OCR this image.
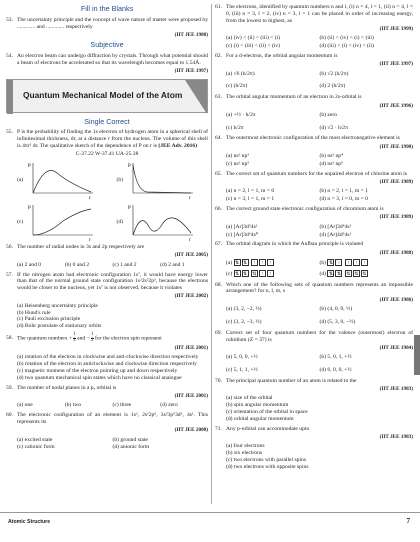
Fill in the Blanks
53. The uncertainty principle and the concept of wave nature of matter were proposed by ............. and ............. respectively
(IIT JEE 1988)
Subjective
54. An electron beam can undergo diffraction by crystals. Through what potential should a beam of electrons be accelerated so that its wavelength becomes equal to 1.54Å.
(IIT JEE 1997)
Quantum Mechanical Model of the Atom
Single Correct
55. P is the probability of finding the 1s electron of hydrogen atom in a spherical shell of infinitesimal thickness, dr, at a distance r from the nucleus. The volume of this shell is 4πr² dr. The qualitative sketch of the dependence of P on r is (JEE Adv. 2016)
C-37.22 W-37.41 UA-25.38
(a)
P
r
(b)
P
r
(c)
P
r
(d)
P
r
56. The number of radial nodes in 3s and 2p respectively are
(IIT JEE 2005)
(a) 2 and 0	(b) 0 and 2	(c) 1 and 2	(d) 2 and 1
57. If the nitrogen atom had electronic configuration 1s⁷, it would have energy lower than that of the normal ground state configuration 1s²2s²2p³, because the electrons would be closer to the nucleus, yet 1s⁷ is not observed, because it violates
(IIT JEE 2002)
(a) Heisenberg uncertainty principle
(b) Hund's rule
(c) Pauli exclusion principle
(d) Bohr postulate of stationary orbits
58. The quantum numbers + $\frac{1}{2}$ and − $\frac{1}{2}$ for the electron spin represent
(IIT JEE 2001)
(a) rotation of the electron in clockwise and anti-clockwise direction respectively
(b) rotation of the electron in anticlockwise and clockwise direction respectively
(c) magnetic moment of the electron pointing up and down respectively
(d) two quantum mechanical spin states which have no classical analogue
59. The number of nodal planes in a pₓ orbital is
(IIT JEE 2001)
(a) one	(b) two	(c) three	(d) zero
60. The electronic configuration of an element is 1s², 2s²2p⁶, 3s²3p⁶3d⁵, 4s¹. This represents its
(IIT JEE 2000)
(a) excited state	(b) ground state
(c) cationic form	(d) anionic form
61. The electrons, identified by quantum numbers n and l, (i) n = 4, l = 1, (ii) n = 4, l = 0, (iii) n = 3, l = 2, (iv) n = 3, l = 1 can be placed in order of increasing energy, from the lowest to highest, as
(IIT JEE 1999)
(a) (iv) < (ii) < (iii) < (i)	(b) (ii) < (iv) < (i) < (iii)
(c) (i) < (iii) < (ii) < (iv)	(d) (iii) < (i) < (iv) < (ii)
62. For a d-electron, the orbital angular momentum is
(IIT JEE 1997)
(a) √6 (h/2π)	(b) √2 (h/2π)
(c) (h/2π)	(d) 2 (h/2π)
63. The orbital angular momentum of an electron in 2s-orbital is
(IIT JEE 1996)
(a) +½ · h/2π	(b) zero
(c) h/2π	(d) √2 · h/2π
64. The outermost electronic configuration of the most electronegative element is
(IIT JEE 1990)
(a) ns² np³	(b) ns² np⁴
(c) ns² np⁵	(d) ns² np⁶
65. The correct set of quantum numbers for the unpaired electron of chlorine atom is
(IIT JEE 1989)
(a) n = 2, l = 1, m = 0	(b) n = 2, l = 1, m = 1
(c) n = 3, l = 1, m = 1	(d) n = 3, l = 0, m = 0
66. The correct ground state electronic configuration of chromium atom is
(IIT JEE 1989)
(a) [Ar]3d⁵4s¹	(b) [Ar]3d⁴4s²
(c) [Ar]3d⁶4s⁰	(d) [Ar]4d⁵4s¹
67. The orbital diagram in which the Aufbau principle is violated
(IIT JEE 1988)
(a) ⇅ ⇅ ↑ ↑ ↑	(b) ⇅ ↑ ↑ ↑ ↑
(c) ⇅ ⇅ ⇅ ↑ ↑	(d) ⇅ ⇅ ⇅ ⇅ ⇅
68. Which one of the following sets of quantum numbers represents an impossible arrangement? for n, l, m, s
(IIT JEE 1986)
(a) (3, 2, −2, ½)	(b) (4, 0, 0, ½)
(c) (3, 2, −3, ½)	(d) (5, 3, 0, −½)
69. Correct set of four quantum numbers for the valence (outermost) electron of rubidium (Z = 37) is
(IIT JEE 1984)
(a) 5, 0, 0, +½	(b) 5, 0, 1, +½
(c) 5, 1, 1, +½	(d) 6, 0, 0, +½
70. The principal quantum number of an atom is related to the
(IIT JEE 1983)
(a) size of the orbital
(b) spin angular momentum
(c) orientation of the orbital in space
(d) orbital angular momentum
71. Any p-orbital can accommodate upto
(IIT JEE 1983)
(a) four electrons
(b) six electrons
(c) two electrons with parallel spins
(d) two electrons with opposite spins
Atomic Structure	7
